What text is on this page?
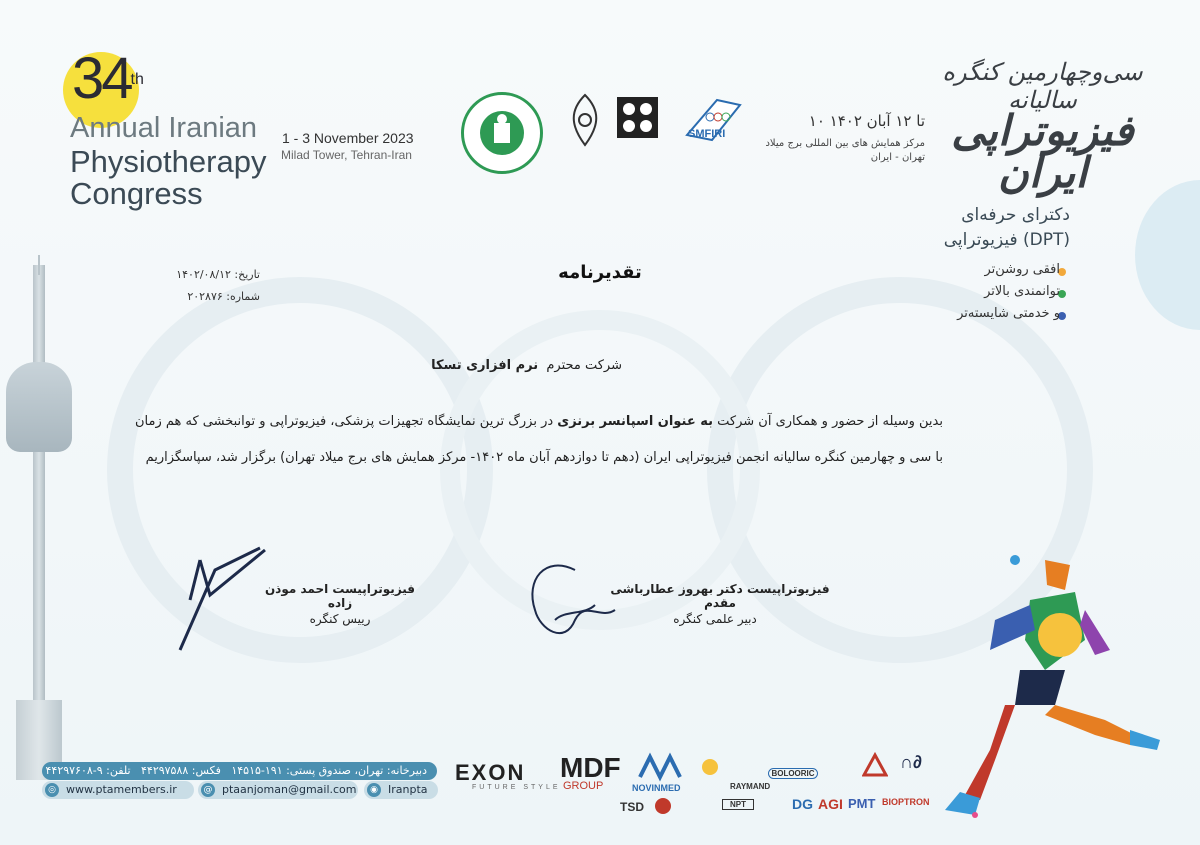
34th
Annual Iranian
Physiotherapy
Congress
1 - 3 November 2023
Milad Tower, Tehran-Iran
SMFIRI
۱۰ تا ۱۲ آبان ۱۴۰۲
مرکز همایش های بین المللی برج میلاد
تهران - ایران
سی‌وچهارمین کنگره سالیانه
فیزیوتراپی ایران
دکترای حرفه‌ای
فیزیوتراپی (DPT)
افقی روشن‌تر
توانمندی بالاتر
و خدمتی شایسته‌تر
تقدیرنامه
تاریخ: ۱۴۰۲/۰۸/۱۲
شماره: ۲۰۲۸۷۶
شرکت محترم  نرم افزاری تسکا
بدین وسیله از حضور و همکاری آن شرکت به عنوان اسپانسر برنزی در بزرگ ترین نمایشگاه تجهیزات پزشکی، فیزیوتراپی و توانبخشی که هم زمان با سی و چهارمین کنگره سالیانه انجمن فیزیوتراپی ایران (دهم تا دوازدهم آبان ماه ۱۴۰۲- مرکز همایش های برج میلاد تهران) برگزار شد، سپاسگزاریم
فیزیوتراپیست احمد موذن زاده
رییس کنگره
فیزیوتراپیست دکتر بهروز عطارباشی مقدم
دبیر علمی کنگره
دبیرخانه: تهران، صندوق پستی: ۱۹۱-۱۴۵۱۵   فکس: ۴۴۲۹۷۵۸۸   تلفن: ۹-۴۴۲۹۷۶۰۸
◎ www.ptamembers.ir	@ ptaanjoman@gmail.com	◉ Iranpta
EXON
FUTURE STYLE
MDF
GROUP	NOVINMED	RAYMAND
BOLOORIC
∩∂
TSD	NPT	DG AGI PMT BIOPTRON
